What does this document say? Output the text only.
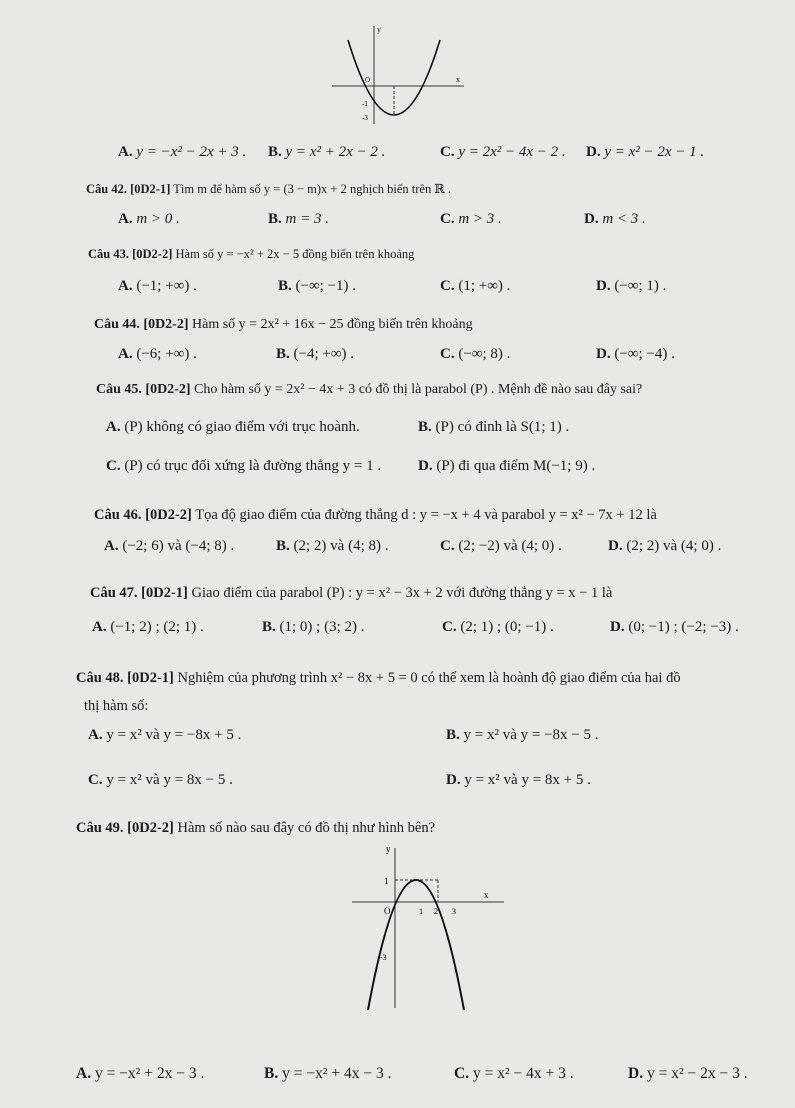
y
O	x
-1
-3
A. y = −x² − 2x + 3 . B. y = x² + 2x − 2 .	C. y = 2x² − 4x − 2 . D. y = x² − 2x − 1 .
Câu 42. [0D2-1] Tìm m để hàm số y = (3 − m)x + 2 nghịch biến trên ℝ .
A. m > 0 .	B. m = 3 .	C. m > 3 .	D. m < 3 .
Câu 43. [0D2-2] Hàm số y = −x² + 2x − 5 đồng biến trên khoảng
A. (−1; +∞) .	B. (−∞; −1) .	C. (1; +∞) .	D. (−∞; 1) .
Câu 44. [0D2-2] Hàm số y = 2x² + 16x − 25 đồng biến trên khoảng
A. (−6; +∞) .	B. (−4; +∞) .	C. (−∞; 8) .	D. (−∞; −4) .
Câu 45. [0D2-2] Cho hàm số y = 2x² − 4x + 3 có đồ thị là parabol (P) . Mệnh đề nào sau đây sai?
A. (P) không có giao điểm với trục hoành.	B. (P) có đỉnh là S(1; 1) .
C. (P) có trục đối xứng là đường thẳng y = 1 . D. (P) đi qua điểm M(−1; 9) .
Câu 46. [0D2-2] Tọa độ giao điểm của đường thẳng d : y = −x + 4 và parabol y = x² − 7x + 12 là
A. (−2; 6) và (−4; 8) .	B. (2; 2) và (4; 8) .	C. (2; −2) và (4; 0) .	D. (2; 2) và (4; 0) .
Câu 47. [0D2-1] Giao điểm của parabol (P) : y = x² − 3x + 2 với đường thẳng y = x − 1 là
A. (−1; 2) ; (2; 1) .	B. (1; 0) ; (3; 2) .	C. (2; 1) ; (0; −1) .	D. (0; −1) ; (−2; −3) .
Câu 48. [0D2-1] Nghiệm của phương trình x² − 8x + 5 = 0 có thể xem là hoành độ giao điểm của hai đồ
thị hàm số:
A. y = x² và y = −8x + 5 .	B. y = x² và y = −8x − 5 .
C. y = x² và y = 8x − 5 .	D. y = x² và y = 8x + 5 .
Câu 49. [0D2-2] Hàm số nào sau đây có đồ thị như hình bên?
y
1
O	1 2 3
x
-3
A. y = −x² + 2x − 3 .	B. y = −x² + 4x − 3 .	C. y = x² − 4x + 3 .	D. y = x² − 2x − 3 .
